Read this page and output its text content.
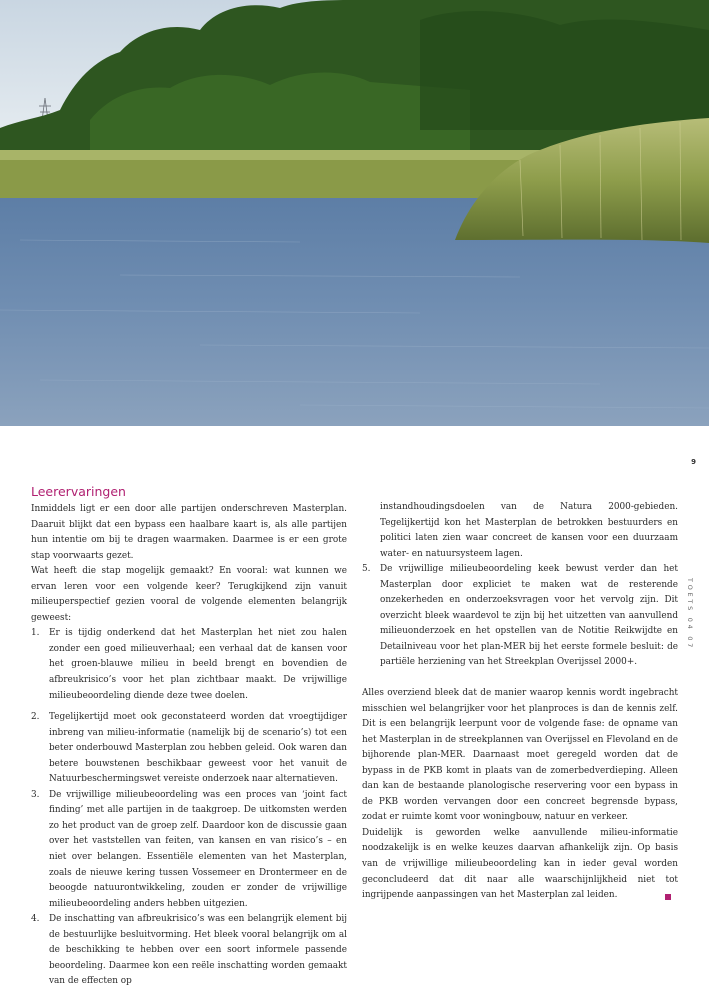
9
TOETS 04 07
Leerervaringen

Inmiddels ligt er een door alle partijen onderschreven Masterplan. Daaruit blijkt dat een bypass een haalbare kaart is, als alle partijen hun intentie om bij te dragen waarmaken. Daarmee is er een grote stap voorwaarts gezet.

Wat heeft die stap mogelijk gemaakt? En vooral: wat kunnen we ervan leren voor een volgende keer? Terugkijkend zijn vanuit milieuperspectief gezien vooral de volgende elementen belangrijk geweest:

1. Er is tijdig onderkend dat het Masterplan het niet zou halen zonder een goed milieuverhaal; een verhaal dat de kansen voor het groen-blauwe milieu in beeld brengt en bovendien de afbreukrisico’s voor het plan zichtbaar maakt. De vrijwillige milieubeoordeling diende deze twee doelen.
2. Tegelijkertijd moet ook geconstateerd worden dat vroegtijdiger inbreng van milieu-informatie (namelijk bij de scenario’s) tot een beter onderbouwd Masterplan zou hebben geleid. Ook waren dan betere bouwstenen beschikbaar geweest voor het vanuit de Natuurbeschermingswet vereiste onderzoek naar alternatieven.
3. De vrijwillige milieubeoordeling was een proces van ‘joint fact finding’ met alle partijen in de taakgroep. De uitkomsten werden zo het product van de groep zelf. Daardoor kon de discussie gaan over het vaststellen van feiten, van kansen en van risico’s – en niet over belangen. Essentiële elementen van het Masterplan, zoals de nieuwe kering tussen Vossemeer en Drontermeer en de beoogde natuurontwikkeling, zouden er zonder de vrijwillige milieubeoordeling anders hebben uitgezien.
4. De inschatting van afbreukrisico’s was een belangrijk element bij de bestuurlijke besluitvorming. Het bleek vooral belangrijk om al de beschikking te hebben over een soort informele passende beoordeling. Daarmee kon een reële inschatting worden gemaakt van de effecten op
instandhoudingsdoelen van de Natura 2000-gebieden. Tegelijkertijd kon het Masterplan de betrokken bestuurders en politici laten zien waar concreet de kansen voor een duurzaam water- en natuursysteem lagen.
5. De vrijwillige milieubeoordeling keek bewust verder dan het Masterplan door expliciet te maken wat de resterende onzekerheden en onderzoeksvragen voor het vervolg zijn. Dit overzicht bleek waardevol te zijn bij het uitzetten van aanvullend milieuonderzoek en het opstellen van de Notitie Reikwijdte en Detailniveau voor het plan-MER bij het eerste formele besluit: de partiële herziening van het Streekplan Overijssel 2000+.

Alles overziend bleek dat de manier waarop kennis wordt ingebracht misschien wel belangrijker voor het planproces is dan de kennis zelf. Dit is een belangrijk leerpunt voor de volgende fase: de opname van het Masterplan in de streekplannen van Overijssel en Flevoland en de bijhorende plan-MER. Daarnaast moet geregeld worden dat de bypass in de PKB komt in plaats van de zomerbedverdieping. Alleen dan kan de bestaande planologische reservering voor een bypass in de PKB worden vervangen door een concreet begrensde bypass, zodat er ruimte komt voor woningbouw, natuur en verkeer.

Duidelijk is geworden welke aanvullende milieu-informatie noodzakelijk is en welke keuzes daarvan afhankelijk zijn. Op basis van de vrijwillige milieubeoordeling kan in ieder geval worden geconcludeerd dat dit naar alle waarschijnlijkheid niet tot ingrijpende aanpassingen van het Masterplan zal leiden.
